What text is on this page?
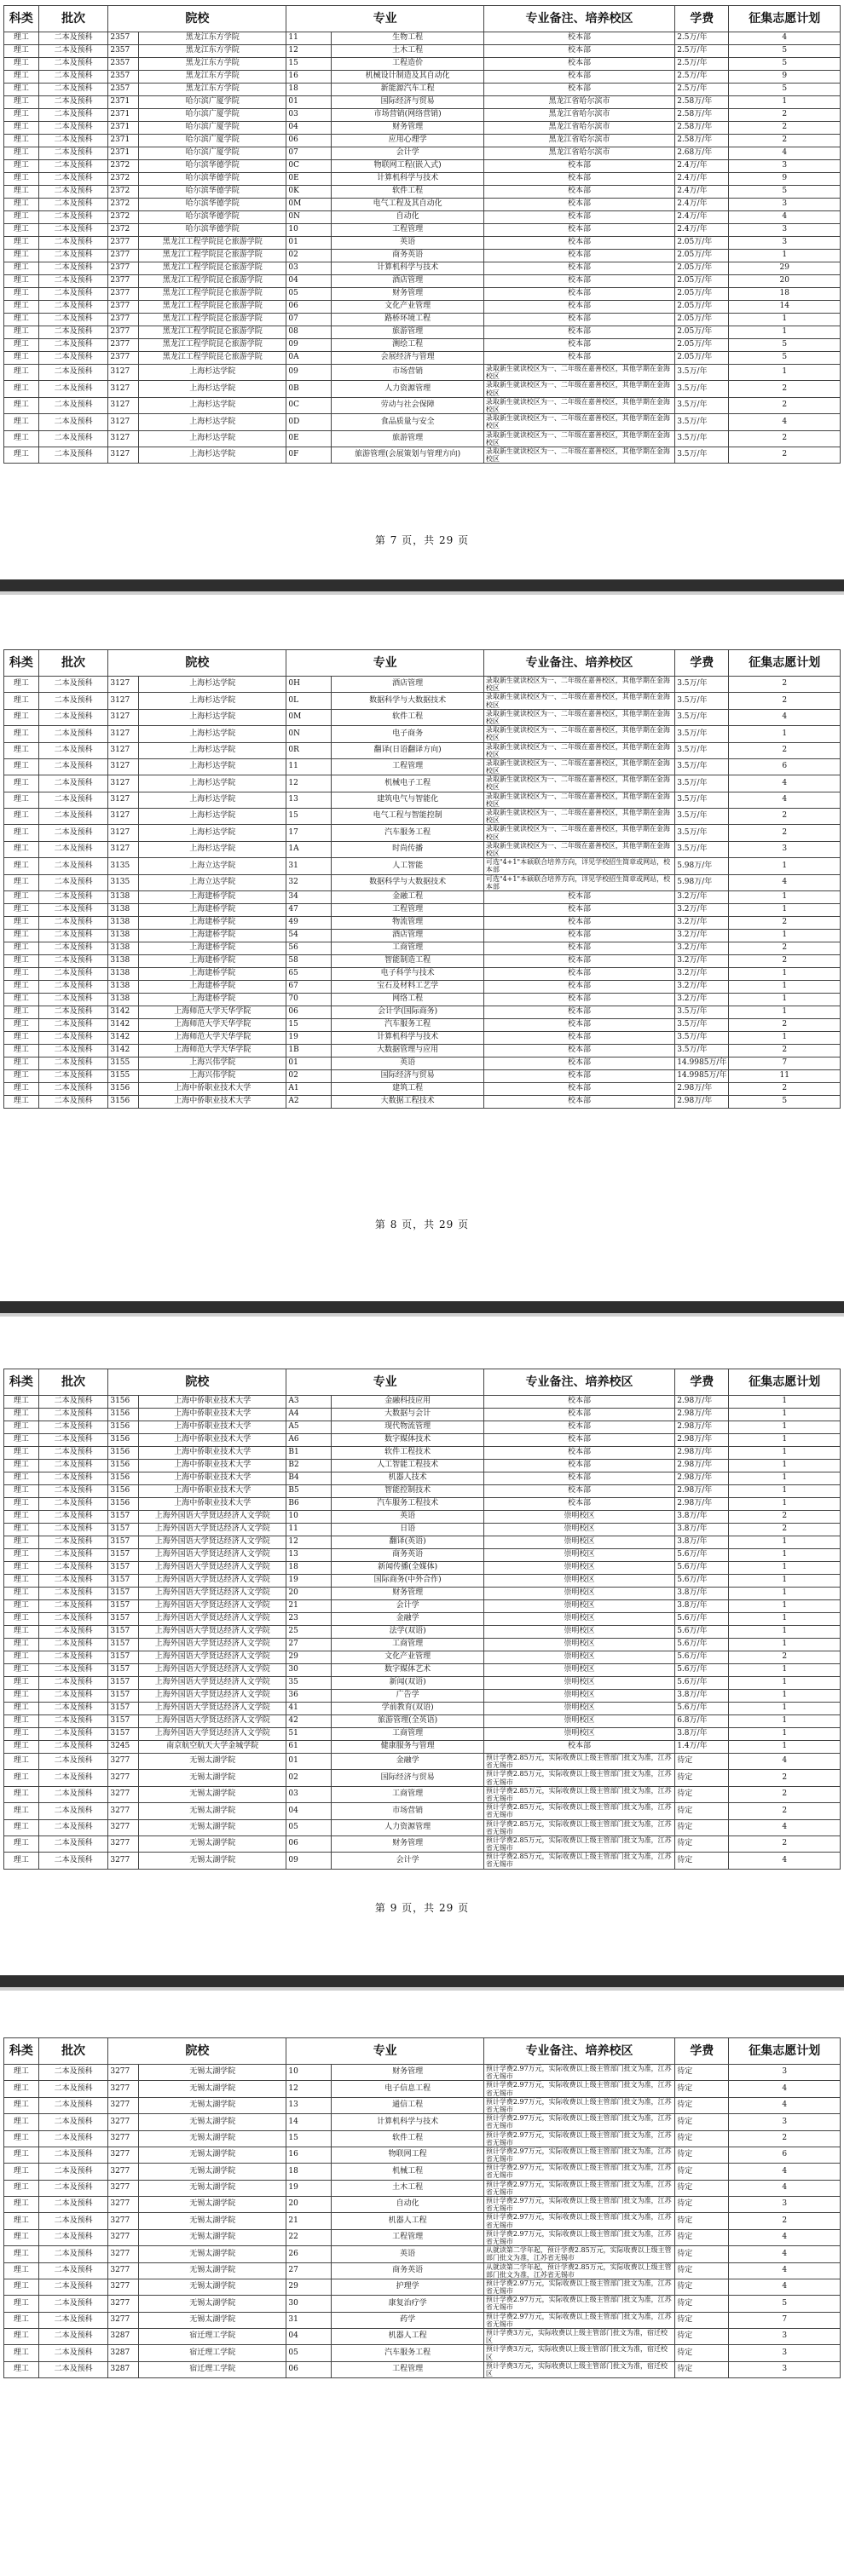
科类	批次	院校		专业		专业备注、培养校区	学费	征集志愿计划
理工	二本及预科	2357	黑龙江东方学院	11	生物工程	校本部	2.5万/年	4
理工	二本及预科	2357	黑龙江东方学院	12	土木工程	校本部	2.5万/年	5
理工	二本及预科	2357	黑龙江东方学院	15	工程造价	校本部	2.5万/年	5
理工	二本及预科	2357	黑龙江东方学院	16	机械设计制造及其自动化	校本部	2.5万/年	9
理工	二本及预科	2357	黑龙江东方学院	18	新能源汽车工程	校本部	2.5万/年	5
理工	二本及预科	2371	哈尔滨广厦学院	01	国际经济与贸易	黑龙江省哈尔滨市	2.58万/年	1
理工	二本及预科	2371	哈尔滨广厦学院	03	市场营销(网络营销)	黑龙江省哈尔滨市	2.58万/年	2
理工	二本及预科	2371	哈尔滨广厦学院	04	财务管理	黑龙江省哈尔滨市	2.58万/年	2
理工	二本及预科	2371	哈尔滨广厦学院	06	应用心理学	黑龙江省哈尔滨市	2.58万/年	2
理工	二本及预科	2371	哈尔滨广厦学院	07	会计学	黑龙江省哈尔滨市	2.68万/年	4
理工	二本及预科	2372	哈尔滨华德学院	0C	物联网工程(嵌入式)	校本部	2.4万/年	3
理工	二本及预科	2372	哈尔滨华德学院	0E	计算机科学与技术	校本部	2.4万/年	9
理工	二本及预科	2372	哈尔滨华德学院	0K	软件工程	校本部	2.4万/年	5
理工	二本及预科	2372	哈尔滨华德学院	0M	电气工程及其自动化	校本部	2.4万/年	3
理工	二本及预科	2372	哈尔滨华德学院	0N	自动化	校本部	2.4万/年	4
理工	二本及预科	2372	哈尔滨华德学院	10	工程管理	校本部	2.4万/年	3
理工	二本及预科	2377	黑龙江工程学院昆仑旅游学院	01	英语	校本部	2.05万/年	3
理工	二本及预科	2377	黑龙江工程学院昆仑旅游学院	02	商务英语	校本部	2.05万/年	1
理工	二本及预科	2377	黑龙江工程学院昆仑旅游学院	03	计算机科学与技术	校本部	2.05万/年	29
理工	二本及预科	2377	黑龙江工程学院昆仑旅游学院	04	酒店管理	校本部	2.05万/年	20
理工	二本及预科	2377	黑龙江工程学院昆仑旅游学院	05	财务管理	校本部	2.05万/年	18
理工	二本及预科	2377	黑龙江工程学院昆仑旅游学院	06	文化产业管理	校本部	2.05万/年	14
理工	二本及预科	2377	黑龙江工程学院昆仑旅游学院	07	路桥环境工程	校本部	2.05万/年	1
理工	二本及预科	2377	黑龙江工程学院昆仑旅游学院	08	旅游管理	校本部	2.05万/年	1
理工	二本及预科	2377	黑龙江工程学院昆仑旅游学院	09	测绘工程	校本部	2.05万/年	5
理工	二本及预科	2377	黑龙江工程学院昆仑旅游学院	0A	会展经济与管理	校本部	2.05万/年	5
理工	二本及预科	3127	上海杉达学院	09	市场营销	录取新生就读校区为一、二年级在嘉善校区，其他学期在金海校区	3.5万/年	1
理工	二本及预科	3127	上海杉达学院	0B	人力资源管理	录取新生就读校区为一、二年级在嘉善校区，其他学期在金海校区	3.5万/年	2
理工	二本及预科	3127	上海杉达学院	0C	劳动与社会保障	录取新生就读校区为一、二年级在嘉善校区，其他学期在金海校区	3.5万/年	2
理工	二本及预科	3127	上海杉达学院	0D	食品质量与安全	录取新生就读校区为一、二年级在嘉善校区，其他学期在金海校区	3.5万/年	4
理工	二本及预科	3127	上海杉达学院	0E	旅游管理	录取新生就读校区为一、二年级在嘉善校区，其他学期在金海校区	3.5万/年	2
理工	二本及预科	3127	上海杉达学院	0F	旅游管理(会展策划与管理方向)	录取新生就读校区为一、二年级在嘉善校区，其他学期在金海校区	3.5万/年	2
第 7 页，共 29 页
科类	批次	院校		专业		专业备注、培养校区	学费	征集志愿计划
理工	二本及预科	3127	上海杉达学院	0H	酒店管理	录取新生就读校区为一、二年级在嘉善校区，其他学期在金海校区	3.5万/年	2
理工	二本及预科	3127	上海杉达学院	0L	数据科学与大数据技术	录取新生就读校区为一、二年级在嘉善校区，其他学期在金海校区	3.5万/年	2
理工	二本及预科	3127	上海杉达学院	0M	软件工程	录取新生就读校区为一、二年级在嘉善校区，其他学期在金海校区	3.5万/年	4
理工	二本及预科	3127	上海杉达学院	0N	电子商务	录取新生就读校区为一、二年级在嘉善校区，其他学期在金海校区	3.5万/年	1
理工	二本及预科	3127	上海杉达学院	0R	翻译(日语翻译方向)	录取新生就读校区为一、二年级在嘉善校区，其他学期在金海校区	3.5万/年	2
理工	二本及预科	3127	上海杉达学院	11	工程管理	录取新生就读校区为一、二年级在嘉善校区，其他学期在金海校区	3.5万/年	6
理工	二本及预科	3127	上海杉达学院	12	机械电子工程	录取新生就读校区为一、二年级在嘉善校区，其他学期在金海校区	3.5万/年	4
理工	二本及预科	3127	上海杉达学院	13	建筑电气与智能化	录取新生就读校区为一、二年级在嘉善校区，其他学期在金海校区	3.5万/年	4
理工	二本及预科	3127	上海杉达学院	15	电气工程与智能控制	录取新生就读校区为一、二年级在嘉善校区，其他学期在金海校区	3.5万/年	2
理工	二本及预科	3127	上海杉达学院	17	汽车服务工程	录取新生就读校区为一、二年级在嘉善校区，其他学期在金海校区	3.5万/年	2
理工	二本及预科	3127	上海杉达学院	1A	时尚传播	录取新生就读校区为一、二年级在嘉善校区，其他学期在金海校区	3.5万/年	3
理工	二本及预科	3135	上海立达学院	31	人工智能	可选"4+1"本硕联合培养方向，详见学校招生简章或网站，校本部	5.98万/年	1
理工	二本及预科	3135	上海立达学院	32	数据科学与大数据技术	可选"4+1"本硕联合培养方向，详见学校招生简章或网站，校本部	5.98万/年	4
理工	二本及预科	3138	上海建桥学院	34	金融工程	校本部	3.2万/年	1
理工	二本及预科	3138	上海建桥学院	47	工程管理	校本部	3.2万/年	1
理工	二本及预科	3138	上海建桥学院	49	物流管理	校本部	3.2万/年	2
理工	二本及预科	3138	上海建桥学院	54	酒店管理	校本部	3.2万/年	1
理工	二本及预科	3138	上海建桥学院	56	工商管理	校本部	3.2万/年	2
理工	二本及预科	3138	上海建桥学院	58	智能制造工程	校本部	3.2万/年	2
理工	二本及预科	3138	上海建桥学院	65	电子科学与技术	校本部	3.2万/年	1
理工	二本及预科	3138	上海建桥学院	67	宝石及材料工艺学	校本部	3.2万/年	1
理工	二本及预科	3138	上海建桥学院	70	网络工程	校本部	3.2万/年	1
理工	二本及预科	3142	上海师范大学天华学院	06	会计学(国际商务)	校本部	3.5万/年	1
理工	二本及预科	3142	上海师范大学天华学院	15	汽车服务工程	校本部	3.5万/年	2
理工	二本及预科	3142	上海师范大学天华学院	19	计算机科学与技术	校本部	3.5万/年	1
理工	二本及预科	3142	上海师范大学天华学院	1B	大数据管理与应用	校本部	3.5万/年	2
理工	二本及预科	3155	上海兴伟学院	01	英语	校本部	14.9985万/年	7
理工	二本及预科	3155	上海兴伟学院	02	国际经济与贸易	校本部	14.9985万/年	11
理工	二本及预科	3156	上海中侨职业技术大学	A1	建筑工程	校本部	2.98万/年	2
理工	二本及预科	3156	上海中侨职业技术大学	A2	大数据工程技术	校本部	2.98万/年	5
第 8 页，共 29 页
科类	批次	院校		专业		专业备注、培养校区	学费	征集志愿计划
理工	二本及预科	3156	上海中侨职业技术大学	A3	金融科技应用	校本部	2.98万/年	1
理工	二本及预科	3156	上海中侨职业技术大学	A4	大数据与会计	校本部	2.98万/年	1
理工	二本及预科	3156	上海中侨职业技术大学	A5	现代物流管理	校本部	2.98万/年	1
理工	二本及预科	3156	上海中侨职业技术大学	A6	数字媒体技术	校本部	2.98万/年	1
理工	二本及预科	3156	上海中侨职业技术大学	B1	软件工程技术	校本部	2.98万/年	1
理工	二本及预科	3156	上海中侨职业技术大学	B2	人工智能工程技术	校本部	2.98万/年	1
理工	二本及预科	3156	上海中侨职业技术大学	B4	机器人技术	校本部	2.98万/年	1
理工	二本及预科	3156	上海中侨职业技术大学	B5	智能控制技术	校本部	2.98万/年	1
理工	二本及预科	3156	上海中侨职业技术大学	B6	汽车服务工程技术	校本部	2.98万/年	1
理工	二本及预科	3157	上海外国语大学贤达经济人文学院	10	英语	崇明校区	3.8万/年	2
理工	二本及预科	3157	上海外国语大学贤达经济人文学院	11	日语	崇明校区	3.8万/年	2
理工	二本及预科	3157	上海外国语大学贤达经济人文学院	12	翻译(英语)	崇明校区	3.8万/年	1
理工	二本及预科	3157	上海外国语大学贤达经济人文学院	13	商务英语	崇明校区	5.6万/年	1
理工	二本及预科	3157	上海外国语大学贤达经济人文学院	18	新闻传播(全媒体)	崇明校区	5.6万/年	1
理工	二本及预科	3157	上海外国语大学贤达经济人文学院	19	国际商务(中外合作)	崇明校区	5.6万/年	1
理工	二本及预科	3157	上海外国语大学贤达经济人文学院	20	财务管理	崇明校区	3.8万/年	1
理工	二本及预科	3157	上海外国语大学贤达经济人文学院	21	会计学	崇明校区	3.8万/年	1
理工	二本及预科	3157	上海外国语大学贤达经济人文学院	23	金融学	崇明校区	5.6万/年	1
理工	二本及预科	3157	上海外国语大学贤达经济人文学院	25	法学(双语)	崇明校区	5.6万/年	1
理工	二本及预科	3157	上海外国语大学贤达经济人文学院	27	工商管理	崇明校区	5.6万/年	1
理工	二本及预科	3157	上海外国语大学贤达经济人文学院	29	文化产业管理	崇明校区	5.6万/年	2
理工	二本及预科	3157	上海外国语大学贤达经济人文学院	30	数字媒体艺术	崇明校区	5.6万/年	1
理工	二本及预科	3157	上海外国语大学贤达经济人文学院	35	新闻(双语)	崇明校区	5.6万/年	1
理工	二本及预科	3157	上海外国语大学贤达经济人文学院	36	广告学	崇明校区	3.8万/年	1
理工	二本及预科	3157	上海外国语大学贤达经济人文学院	41	学前教育(双语)	崇明校区	5.6万/年	1
理工	二本及预科	3157	上海外国语大学贤达经济人文学院	42	旅游管理(全英语)	崇明校区	6.8万/年	1
理工	二本及预科	3157	上海外国语大学贤达经济人文学院	51	工商管理	崇明校区	3.8万/年	1
理工	二本及预科	3245	南京航空航天大学金城学院	61	健康服务与管理	校本部	1.4万/年	1
理工	二本及预科	3277	无锡太湖学院	01	金融学	预计学费2.85万元，实际收费以上级主管部门批文为准，江苏省无锡市	待定	4
理工	二本及预科	3277	无锡太湖学院	02	国际经济与贸易	预计学费2.85万元，实际收费以上级主管部门批文为准，江苏省无锡市	待定	2
理工	二本及预科	3277	无锡太湖学院	03	工商管理	预计学费2.85万元，实际收费以上级主管部门批文为准，江苏省无锡市	待定	2
理工	二本及预科	3277	无锡太湖学院	04	市场营销	预计学费2.85万元，实际收费以上级主管部门批文为准，江苏省无锡市	待定	2
理工	二本及预科	3277	无锡太湖学院	05	人力资源管理	预计学费2.85万元，实际收费以上级主管部门批文为准，江苏省无锡市	待定	4
理工	二本及预科	3277	无锡太湖学院	06	财务管理	预计学费2.85万元，实际收费以上级主管部门批文为准，江苏省无锡市	待定	2
理工	二本及预科	3277	无锡太湖学院	09	会计学	预计学费2.85万元，实际收费以上级主管部门批文为准，江苏省无锡市	待定	4
第 9 页，共 29 页
科类	批次	院校		专业		专业备注、培养校区	学费	征集志愿计划
理工	二本及预科	3277	无锡太湖学院	10	财务管理	预计学费2.97万元，实际收费以上级主管部门批文为准，江苏省无锡市	待定	3
理工	二本及预科	3277	无锡太湖学院	12	电子信息工程	预计学费2.97万元，实际收费以上级主管部门批文为准，江苏省无锡市	待定	4
理工	二本及预科	3277	无锡太湖学院	13	通信工程	预计学费2.97万元，实际收费以上级主管部门批文为准，江苏省无锡市	待定	4
理工	二本及预科	3277	无锡太湖学院	14	计算机科学与技术	预计学费2.97万元，实际收费以上级主管部门批文为准，江苏省无锡市	待定	3
理工	二本及预科	3277	无锡太湖学院	15	软件工程	预计学费2.97万元，实际收费以上级主管部门批文为准，江苏省无锡市	待定	2
理工	二本及预科	3277	无锡太湖学院	16	物联网工程	预计学费2.97万元，实际收费以上级主管部门批文为准，江苏省无锡市	待定	6
理工	二本及预科	3277	无锡太湖学院	18	机械工程	预计学费2.97万元，实际收费以上级主管部门批文为准，江苏省无锡市	待定	4
理工	二本及预科	3277	无锡太湖学院	19	土木工程	预计学费2.97万元，实际收费以上级主管部门批文为准，江苏省无锡市	待定	4
理工	二本及预科	3277	无锡太湖学院	20	自动化	预计学费2.97万元，实际收费以上级主管部门批文为准，江苏省无锡市	待定	3
理工	二本及预科	3277	无锡太湖学院	21	机器人工程	预计学费2.97万元，实际收费以上级主管部门批文为准，江苏省无锡市	待定	2
理工	二本及预科	3277	无锡太湖学院	22	工程管理	预计学费2.97万元，实际收费以上级主管部门批文为准，江苏省无锡市	待定	4
理工	二本及预科	3277	无锡太湖学院	26	英语	从就读第二学年起，预计学费2.85万元，实际收费以上级主管部门批文为准，江苏省无锡市	待定	4
理工	二本及预科	3277	无锡太湖学院	27	商务英语	从就读第二学年起，预计学费2.85万元，实际收费以上级主管部门批文为准，江苏省无锡市	待定	4
理工	二本及预科	3277	无锡太湖学院	29	护理学	预计学费2.97万元，实际收费以上级主管部门批文为准，江苏省无锡市	待定	4
理工	二本及预科	3277	无锡太湖学院	30	康复治疗学	预计学费2.97万元，实际收费以上级主管部门批文为准，江苏省无锡市	待定	5
理工	二本及预科	3277	无锡太湖学院	31	药学	预计学费2.97万元，实际收费以上级主管部门批文为准，江苏省无锡市	待定	7
理工	二本及预科	3287	宿迁理工学院	04	机器人工程	预计学费3万元，实际收费以上级主管部门批文为准，宿迁校区	待定	3
理工	二本及预科	3287	宿迁理工学院	05	汽车服务工程	预计学费3万元，实际收费以上级主管部门批文为准，宿迁校区	待定	3
理工	二本及预科	3287	宿迁理工学院	06	工程管理	预计学费3万元，实际收费以上级主管部门批文为准，宿迁校区	待定	3
